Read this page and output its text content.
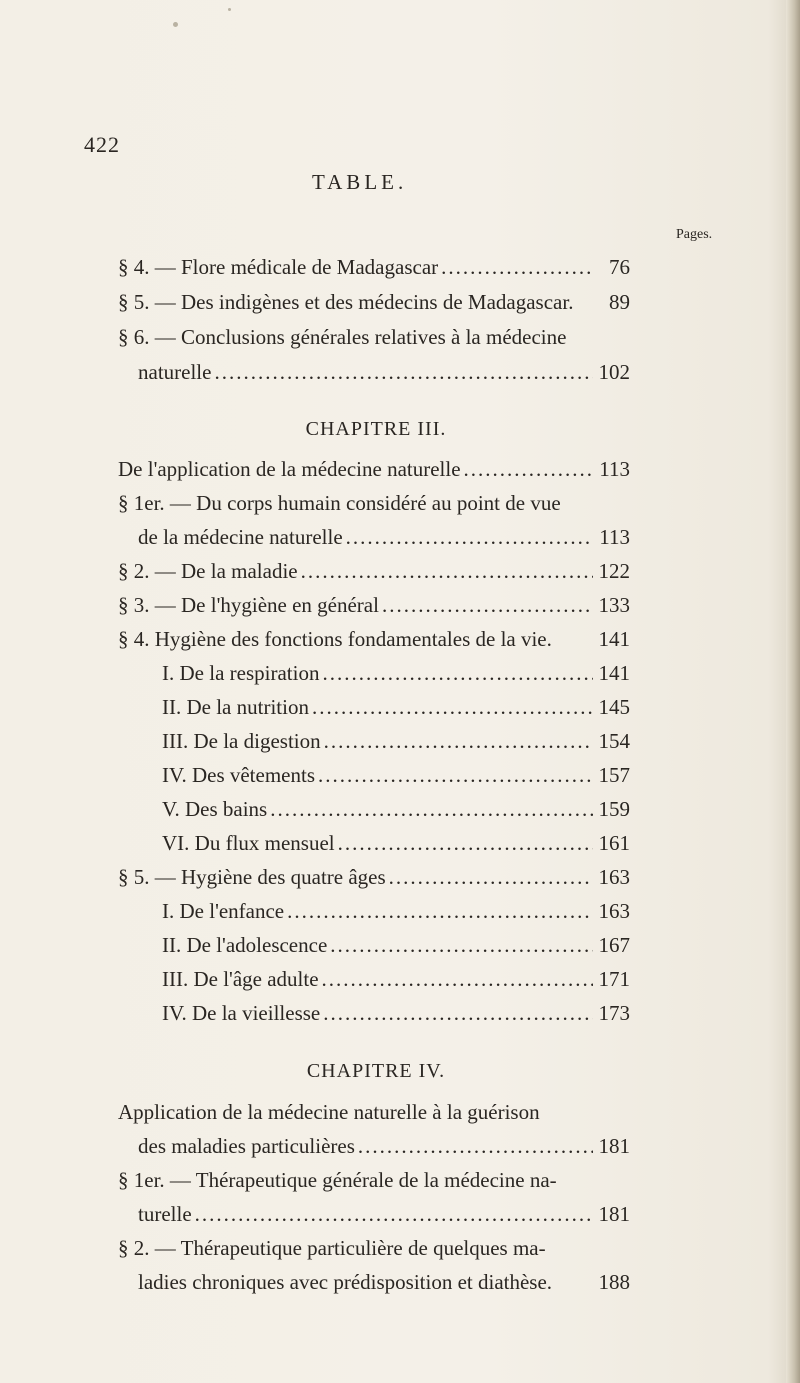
422
TABLE.
Pages.
§ 4. — Flore médicale de Madagascar .....	76
§ 5. — Des indigènes et des médecins de Madagascar.	89
§ 6. — Conclusions générales relatives à la médecine
naturelle .....	102
CHAPITRE III.
De l'application de la médecine naturelle .....	113
§ 1er. — Du corps humain considéré au point de vue
de la médecine naturelle .....	113
§ 2. — De la maladie .....	122
§ 3. — De l'hygiène en général .....	133
§ 4. Hygiène des fonctions fondamentales de la vie. 141
I. De la respiration .....	141
II. De la nutrition .....	145
III. De la digestion .....	154
IV. Des vêtements .....	157
V. Des bains .....	159
VI. Du flux mensuel .....	161
§ 5. — Hygiène des quatre âges .....	163
I. De l'enfance .....	163
II. De l'adolescence .....	167
III. De l'âge adulte .....	171
IV. De la vieillesse .....	173
CHAPITRE IV.
Application de la médecine naturelle à la guérison
des maladies particulières .....	181
§ 1er. — Thérapeutique générale de la médecine na-
turelle .....	181
§ 2. — Thérapeutique particulière de quelques ma-
ladies chroniques avec prédisposition et diathèse. 188
